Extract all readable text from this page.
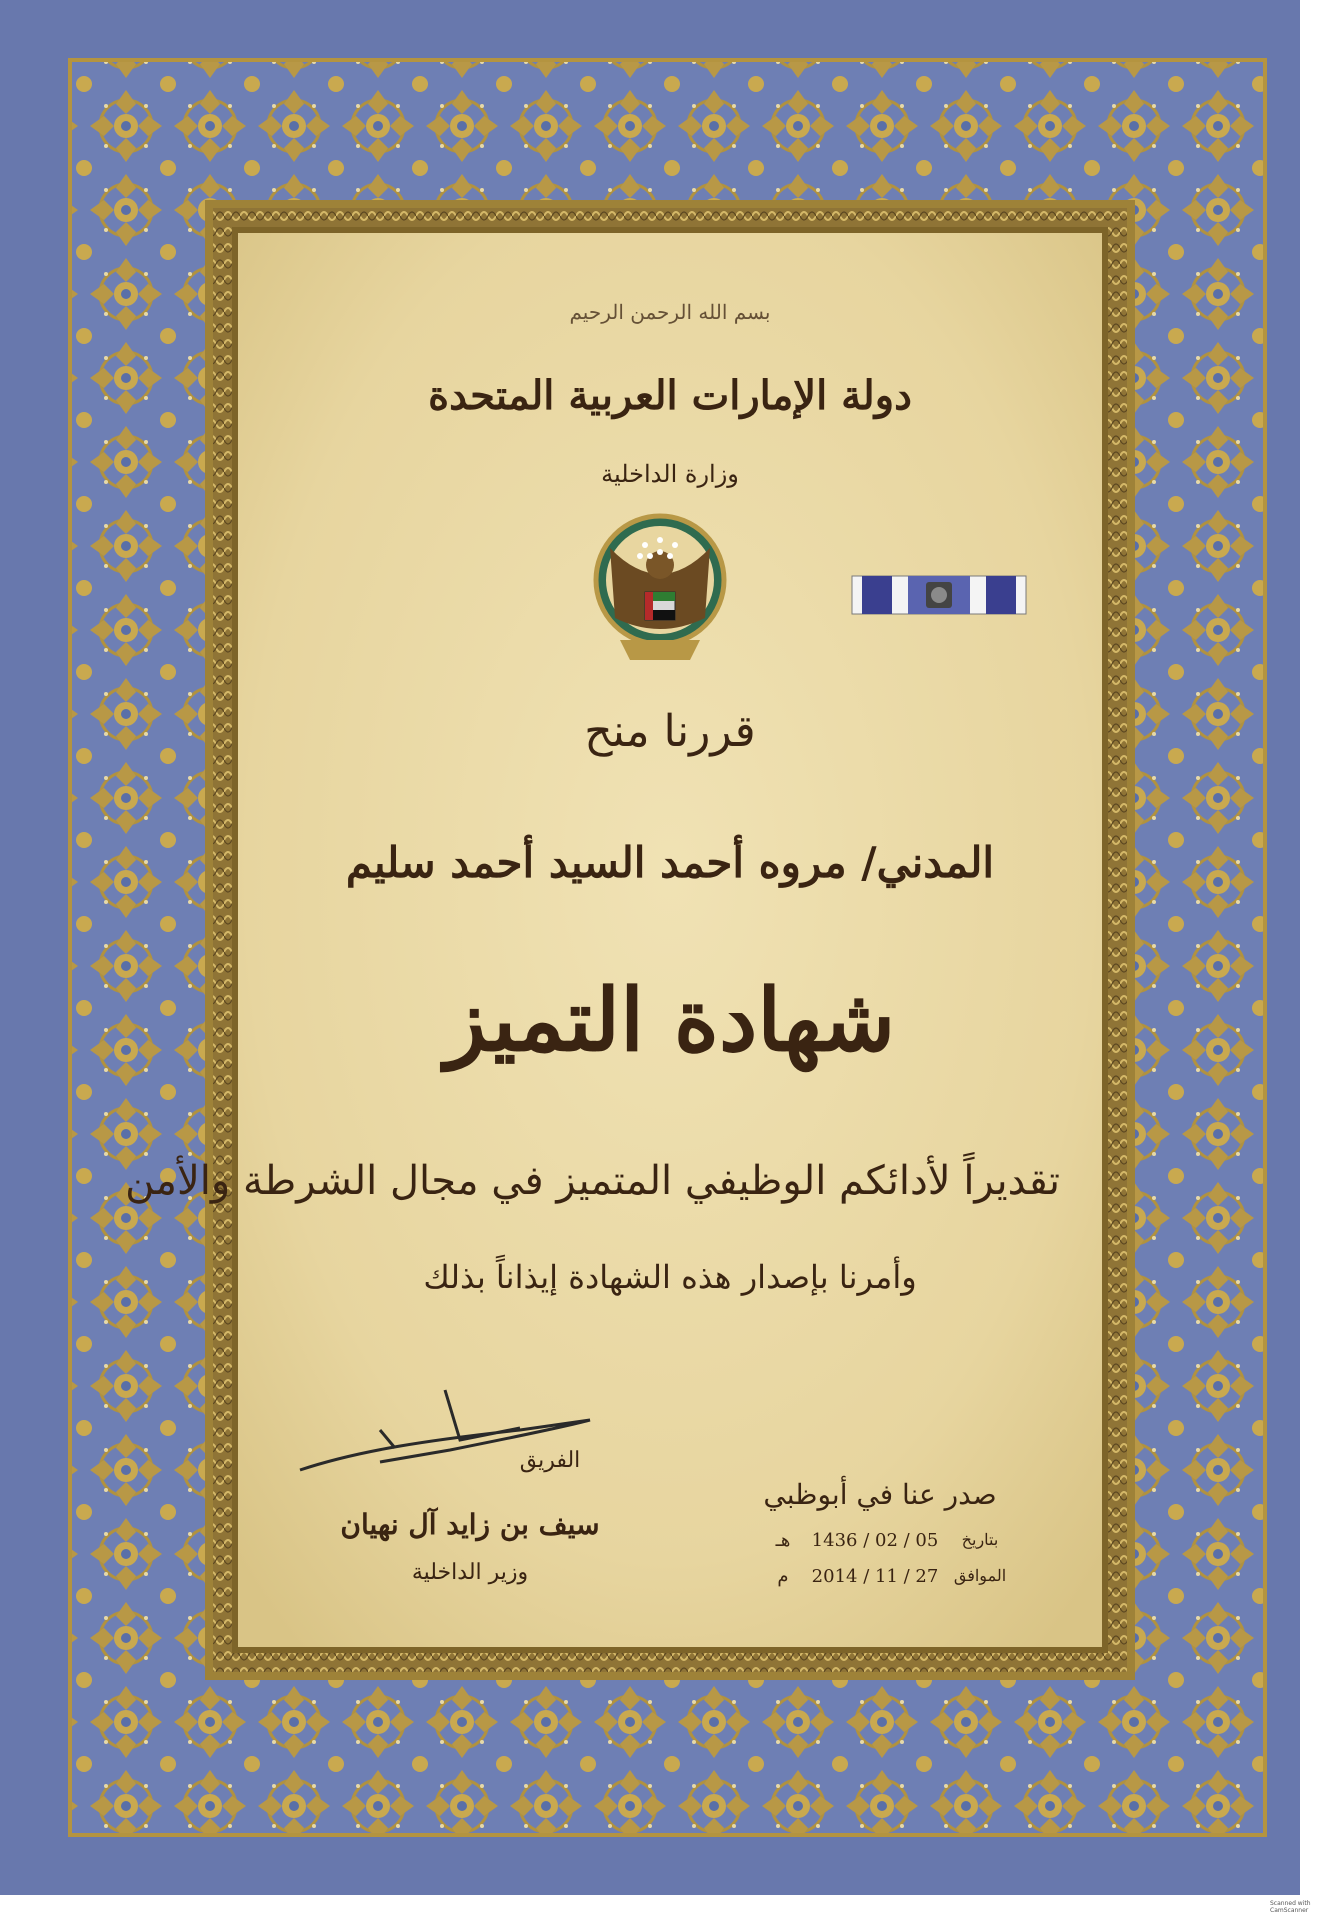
بسم الله الرحمن الرحيم
دولة الإمارات العربية المتحدة
وزارة الداخلية
قررنا منح
المدني/ مروه أحمد السيد أحمد سليم
شهادة التميز
تقديراً لأدائكم الوظيفي المتميز في مجال الشرطة والأمن
وأمرنا بإصدار هذه الشهادة إيذاناً بذلك
صدر عنا في أبوظبي
بتاريخ
1436 / 02 / 05
هـ
الموافق
2014 / 11 / 27
م
الفريق
سيف بن زايد آل نهيان
وزير الداخلية
Scanned with
CamScanner
